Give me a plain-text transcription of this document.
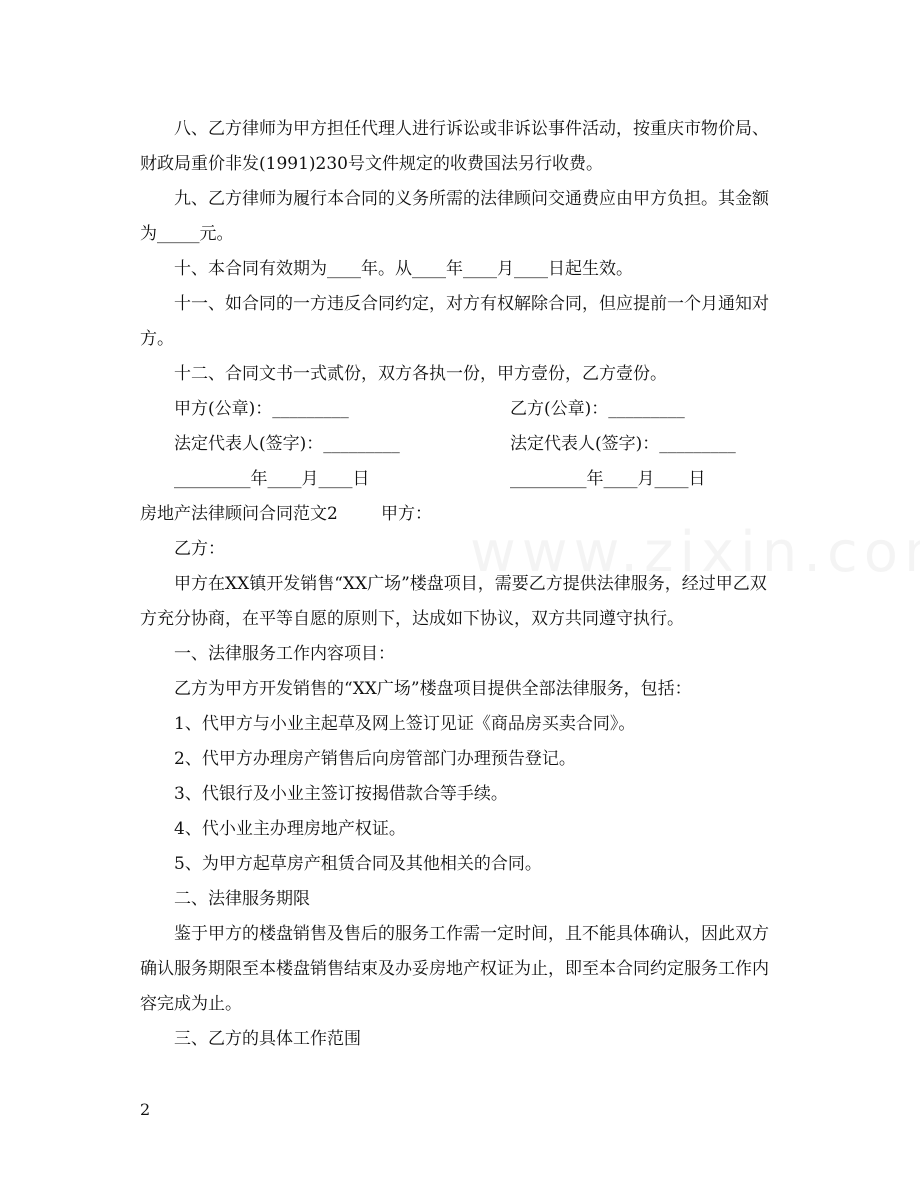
八、乙方律师为甲方担任代理人进行诉讼或非诉讼事件活动，按重庆市物价局、财政局重价非发(1991)230号文件规定的收费国法另行收费。

九、乙方律师为履行本合同的义务所需的法律顾问交通费应由甲方负担。其金额为_____元。

十、本合同有效期为____年。从____年____月____日起生效。

十一、如合同的一方违反合同约定，对方有权解除合同，但应提前一个月通知对方。

十二、合同文书一式贰份，双方各执一份，甲方壹份，乙方壹份。

甲方(公章)：_________	乙方(公章)：_________
法定代表人(签字)：_________	法定代表人(签字)：_________
_________年____月____日	_________年____月____日
房地产法律顾问合同范文2        甲方：

乙方：

甲方在XX镇开发销售“XX广场”楼盘项目，需要乙方提供法律服务，经过甲乙双方充分协商，在平等自愿的原则下，达成如下协议，双方共同遵守执行。

一、法律服务工作内容项目：

乙方为甲方开发销售的“XX广场”楼盘项目提供全部法律服务，包括：

1、代甲方与小业主起草及网上签订见证《商品房买卖合同》。

2、代甲方办理房产销售后向房管部门办理预告登记。

3、代银行及小业主签订按揭借款合等手续。

4、代小业主办理房地产权证。

5、为甲方起草房产租赁合同及其他相关的合同。

二、法律服务期限

鉴于甲方的楼盘销售及售后的服务工作需一定时间，且不能具体确认，因此双方确认服务期限至本楼盘销售结束及办妥房地产权证为止，即至本合同约定服务工作内容完成为止。

三、乙方的具体工作范围

2
